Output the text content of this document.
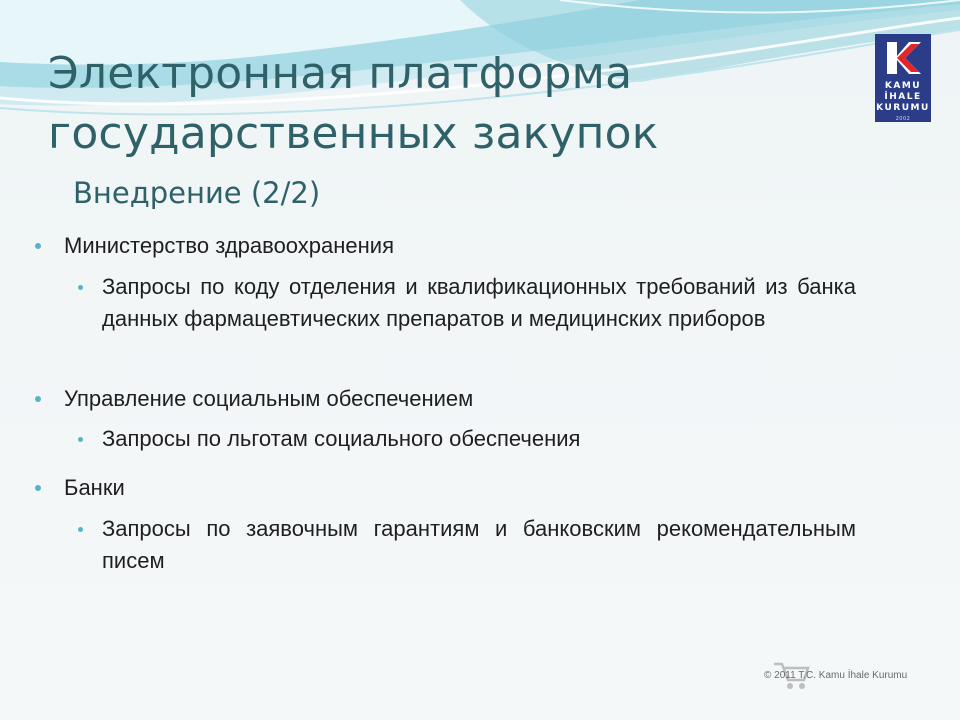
Электронная платформа
государственных закупок
Внедрение (2/2)
KAMU
İHALE
KURUMU
2002
Министерство здравоохранения
Запросы по коду отделения и квалификационных требований из банка данных фармацевтических препаратов и медицинских приборов
Управление социальным обеспечением
Запросы по льготам социального обеспечения
Банки
Запросы по заявочным гарантиям и банковским рекомендательным писем
© 2011 T.C. Kamu İhale Kurumu
